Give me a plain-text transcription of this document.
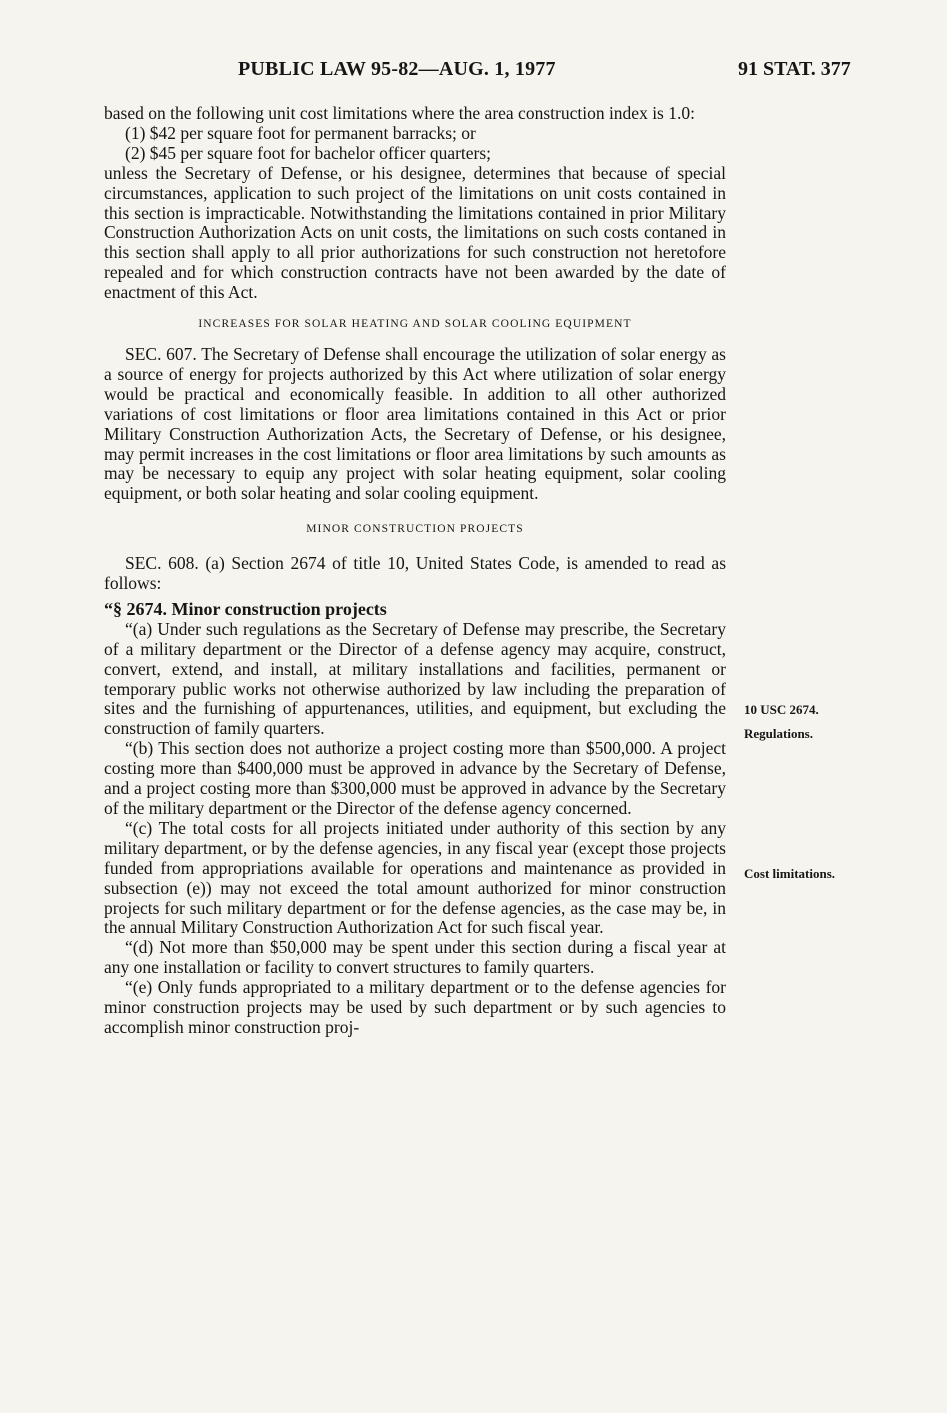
PUBLIC LAW 95-82—AUG. 1, 1977	91 STAT. 377

based on the following unit cost limitations where the area construction index is 1.0:

(1) $42 per square foot for permanent barracks; or

(2) $45 per square foot for bachelor officer quarters;

unless the Secretary of Defense, or his designee, determines that because of special circumstances, application to such project of the limitations on unit costs contained in this section is impracticable. Notwithstanding the limitations contained in prior Military Construction Authorization Acts on unit costs, the limitations on such costs contaned in this section shall apply to all prior authorizations for such construction not heretofore repealed and for which construction contracts have not been awarded by the date of enactment of this Act.

INCREASES FOR SOLAR HEATING AND SOLAR COOLING EQUIPMENT

SEC. 607. The Secretary of Defense shall encourage the utilization of solar energy as a source of energy for projects authorized by this Act where utilization of solar energy would be practical and economically feasible. In addition to all other authorized variations of cost limitations or floor area limitations contained in this Act or prior Military Construction Authorization Acts, the Secretary of Defense, or his designee, may permit increases in the cost limitations or floor area limitations by such amounts as may be necessary to equip any project with solar heating equipment, solar cooling equipment, or both solar heating and solar cooling equipment.

MINOR CONSTRUCTION PROJECTS

SEC. 608. (a) Section 2674 of title 10, United States Code, is amended to read as follows:

“§ 2674. Minor construction projects

“(a) Under such regulations as the Secretary of Defense may prescribe, the Secretary of a military department or the Director of a defense agency may acquire, construct, convert, extend, and install, at military installations and facilities, permanent or temporary public works not otherwise authorized by law including the preparation of sites and the furnishing of appurtenances, utilities, and equipment, but excluding the construction of family quarters.

“(b) This section does not authorize a project costing more than $500,000. A project costing more than $400,000 must be approved in advance by the Secretary of Defense, and a project costing more than $300,000 must be approved in advance by the Secretary of the military department or the Director of the defense agency concerned.

“(c) The total costs for all projects initiated under authority of this section by any military department, or by the defense agencies, in any fiscal year (except those projects funded from appropriations available for operations and maintenance as provided in subsection (e)) may not exceed the total amount authorized for minor construction projects for such military department or for the defense agencies, as the case may be, in the annual Military Construction Authorization Act for such fiscal year.

“(d) Not more than $50,000 may be spent under this section during a fiscal year at any one installation or facility to convert structures to family quarters.

“(e) Only funds appropriated to a military department or to the defense agencies for minor construction projects may be used by such department or by such agencies to accomplish minor construction proj-

10 USC 2674.
Regulations.
Cost limitations.
